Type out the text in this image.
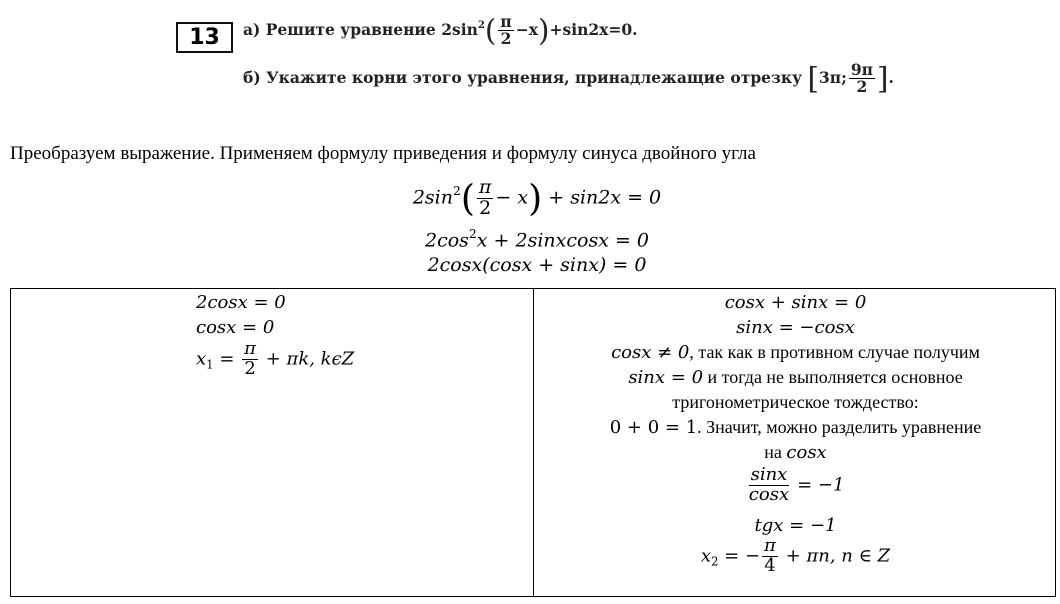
13	а) Решите уравнение $2\sin^2( \frac{\pi}{2} -x)+\sin 2x=0$.
б) Укажите корни этого уравнения, принадлежащие отрезку [3π; $\frac{9\pi}{2}$ ].
Преобразуем выражение. Применяем формулу приведения и формулу синуса двойного угла
$2\sin^2( \frac{\pi}{2} - x) + \sin 2x = 0$
$2\cos^2x$ + 2sinxcosx = 0
2cosx(cosx + sinx) = 0
2cosx = 0
cosx = 0
$x_1 = \frac{\pi}{2} + \pi k$, kϵZ
cosx + sinx = 0
sinx = −cosx
cosx ≠ 0, так как в противном случае получим
sinx = 0 и тогда не выполняется основное
тригонометрическое тождество:
0 + 0 = 1. Значит, можно разделить уравнение
на cosx
$\frac{\sin x}{\cos x} = -1$
tgx = −1
$x_2$ = − $\frac{\pi}{4} + \pi n$, n ∈ Z
